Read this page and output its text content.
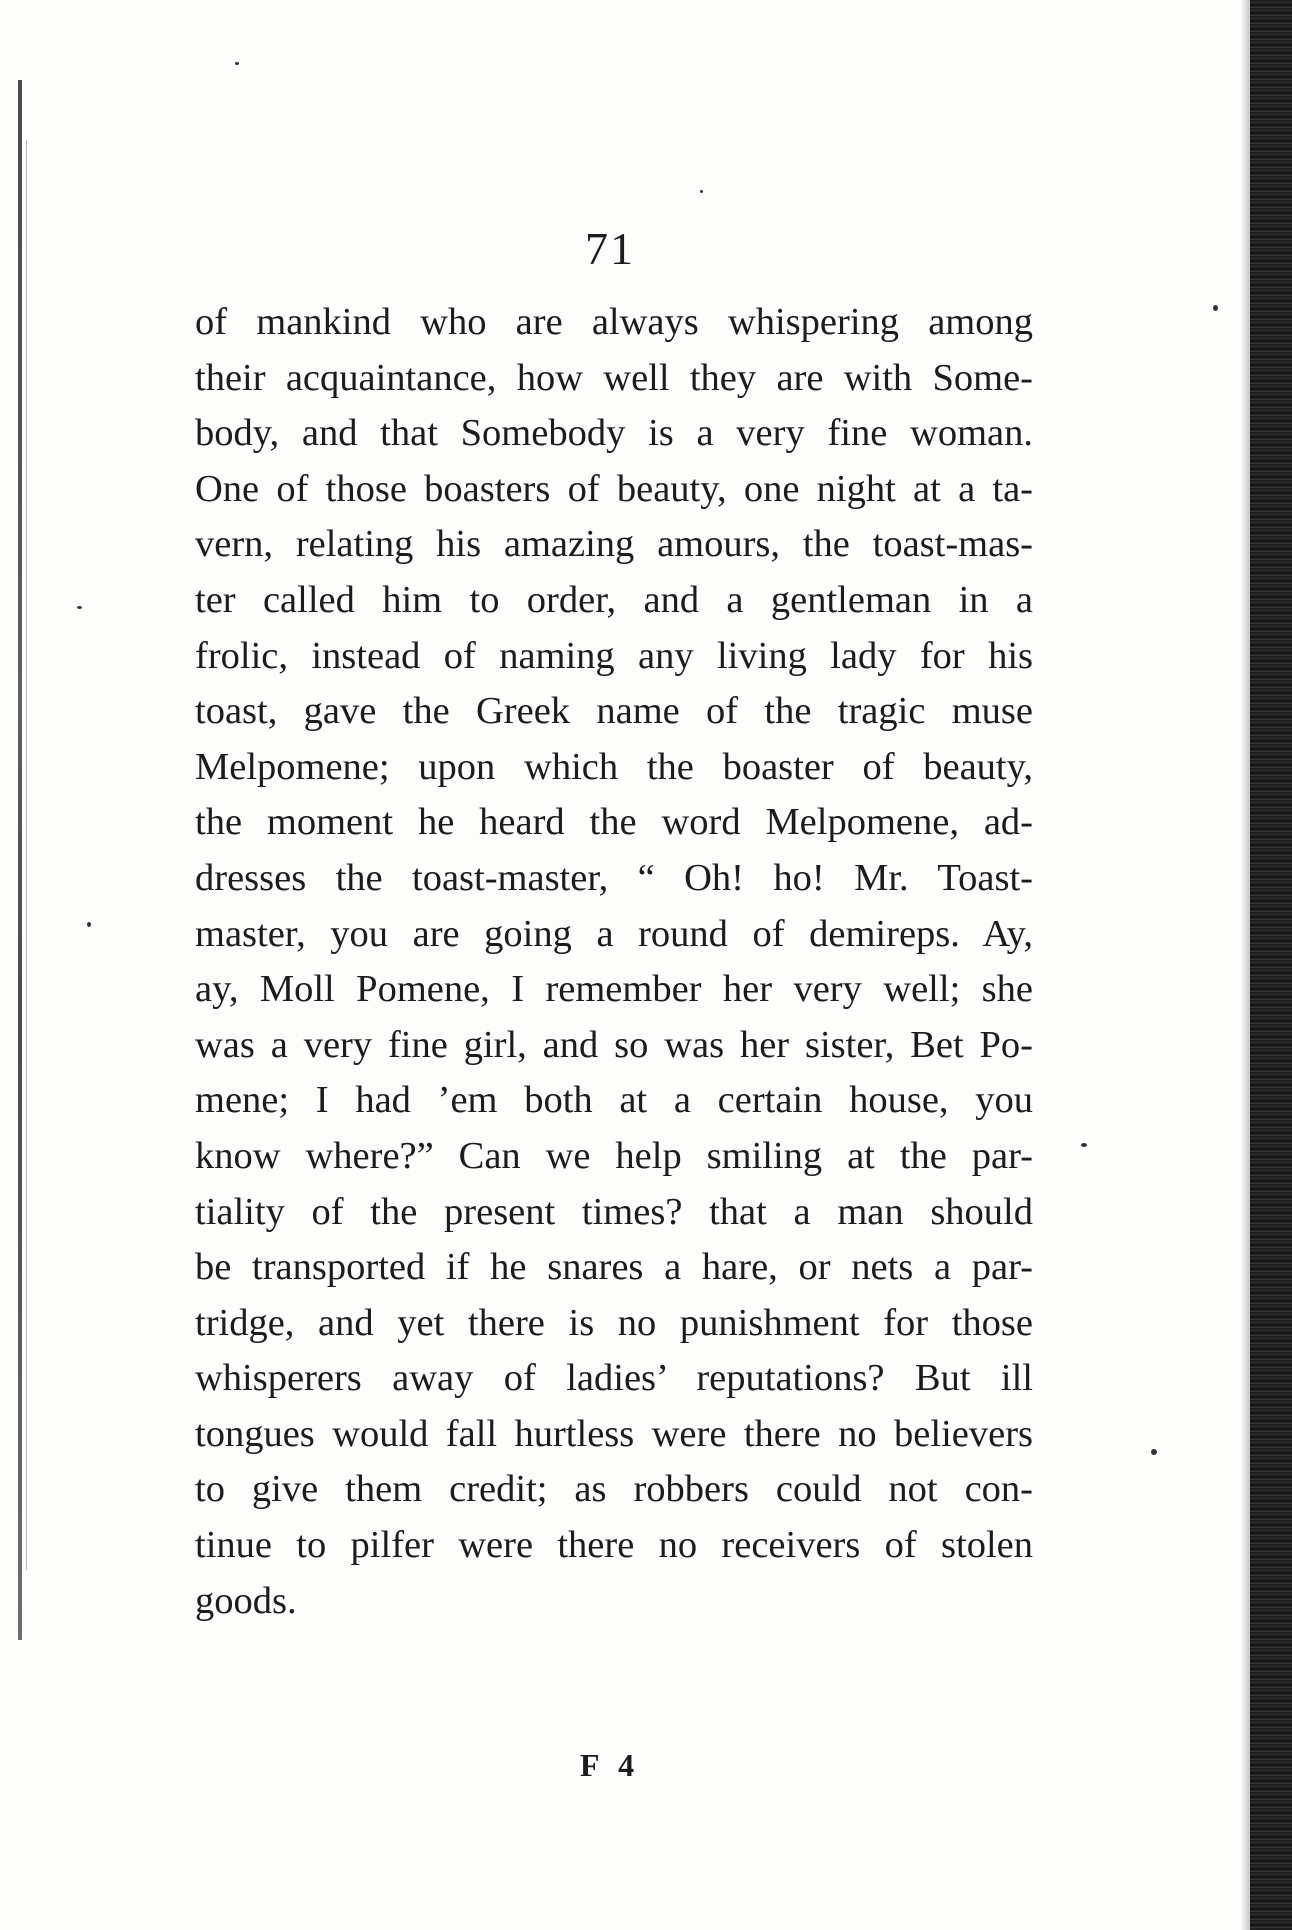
71
of mankind who are always whispering among
their acquaintance, how well they are with Some-
body, and that Somebody is a very fine woman.
One of those boasters of beauty, one night at a ta-
vern, relating his amazing amours, the toast-mas-
ter called him to order, and a gentleman in a
frolic, instead of naming any living lady for his
toast, gave the Greek name of the tragic muse
Melpomene; upon which the boaster of beauty,
the moment he heard the word Melpomene, ad-
dresses the toast-master, “ Oh! ho! Mr. Toast-
master, you are going a round of demireps. Ay,
ay, Moll Pomene, I remember her very well; she
was a very fine girl, and so was her sister, Bet Po-
mene; I had ’em both at a certain house, you
know where?” Can we help smiling at the par-
tiality of the present times? that a man should
be transported if he snares a hare, or nets a par-
tridge, and yet there is no punishment for those
whisperers away of ladies’ reputations? But ill
tongues would fall hurtless were there no believers
to give them credit; as robbers could not con-
tinue to pilfer were there no receivers of stolen
goods.
F 4
